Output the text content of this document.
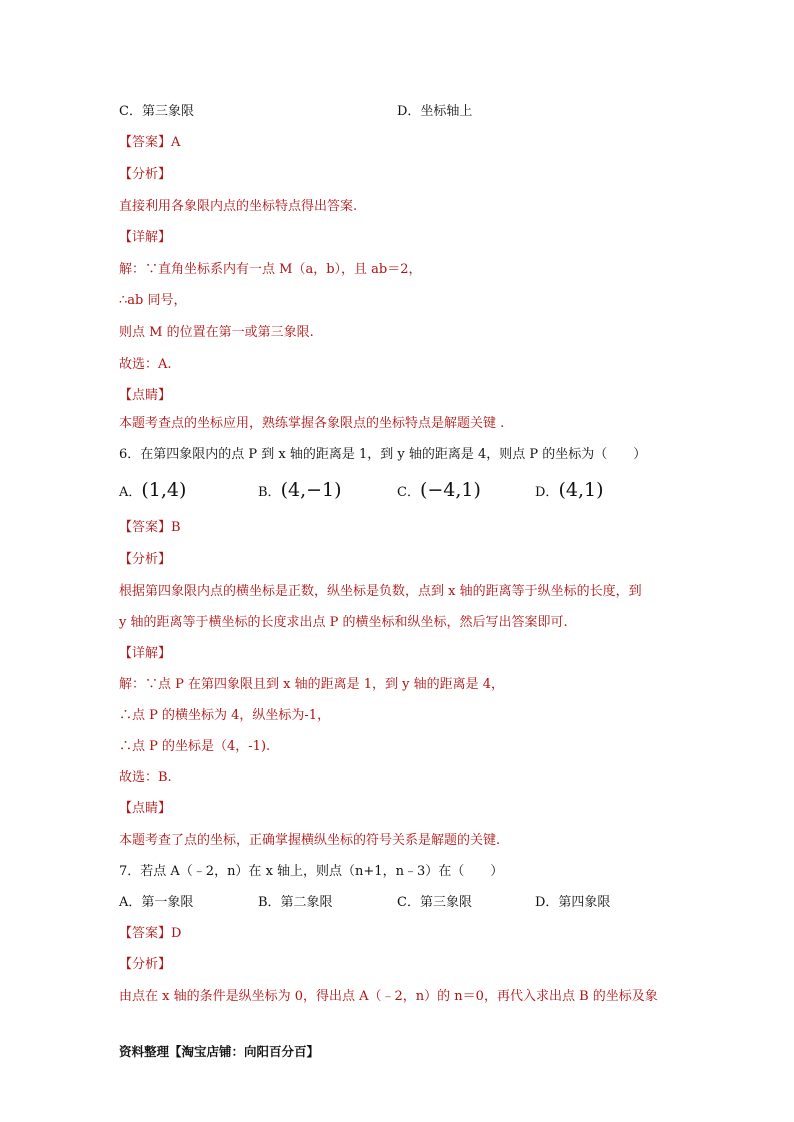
C．第三象限	D．坐标轴上
【答案】A
【分析】
直接利用各象限内点的坐标特点得出答案.
【详解】
解：∵直角坐标系内有一点 M（a，b），且 ab＝2，
∴ab 同号，
则点 M 的位置在第一或第三象限.
故选：A.
【点睛】
本题考查点的坐标应用，熟练掌握各象限点的坐标特点是解题关键 .
6．在第四象限内的点 P 到 x 轴的距离是 1，到 y 轴的距离是 4，则点 P 的坐标为（　　）
A．(1,4)	B．(4,−1)	C．(−4,1)	D．(4,1)
【答案】B
【分析】
根据第四象限内点的横坐标是正数，纵坐标是负数，点到 x 轴的距离等于纵坐标的长度，到
y 轴的距离等于横坐标的长度求出点 P 的横坐标和纵坐标，然后写出答案即可.
【详解】
解：∵点 P 在第四象限且到 x 轴的距离是 1，到 y 轴的距离是 4，
∴点 P 的横坐标为 4，纵坐标为-1，
∴点 P 的坐标是（4，-1).
故选：B.
【点睛】
本题考查了点的坐标，正确掌握横纵坐标的符号关系是解题的关键.
7．若点 A（﹣2，n）在 x 轴上，则点（n+1，n﹣3）在（　　）
A．第一象限	B．第二象限	C．第三象限	D．第四象限
【答案】D
【分析】
由点在 x 轴的条件是纵坐标为 0，得出点 A（﹣2，n）的 n＝0，再代入求出点 B 的坐标及象
资料整理【淘宝店铺：向阳百分百】
